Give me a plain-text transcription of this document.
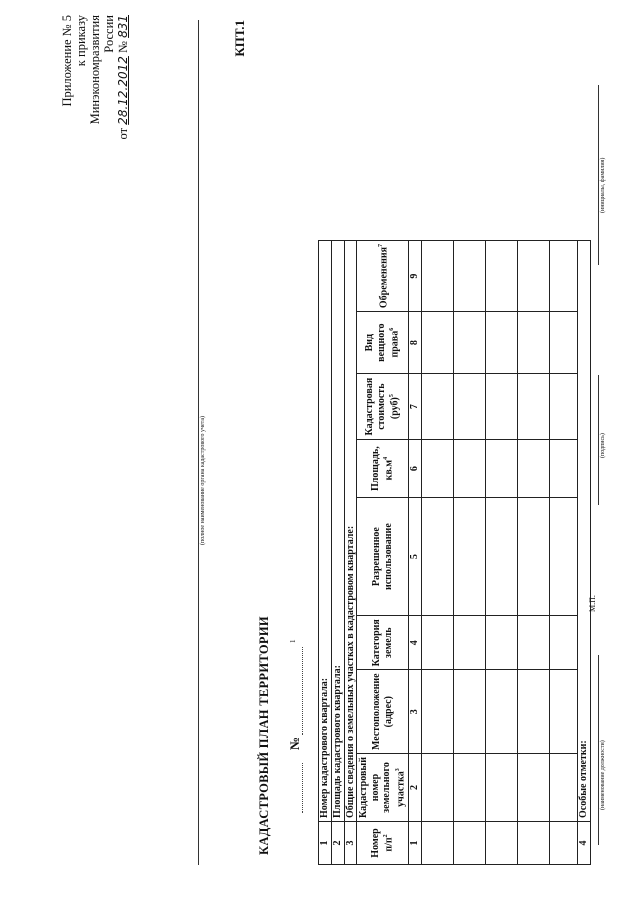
Приложение № 5 к приказу Минэкономразвития России
от 28.12.2012 № 831	КПТ.1
(полное наименование органа кадастрового учета)
КАДАСТРОВЫЙ ПЛАН ТЕРРИТОРИИ №
1
1	Номер кадастрового квартала:							
2	Площадь кадастрового квартала:							
3	Общие сведения о земельных участках в кадастровом квартале:							
Номер $п/п^2$	Кадастровый номер земельного участка$^3$	Местоположение (адрес)	Категория земель	Разрешенное использование	Площадь, $кв.м^4$	Кадастровая стоимость (руб)$^5$	Вид вещного права$^6$	Обременения$^7$
1	2	3	4	5	6	7	8	9

4	Особые отметки:							(наименование должности)
М.П.
(подпись)
(инициалы, фамилия)
